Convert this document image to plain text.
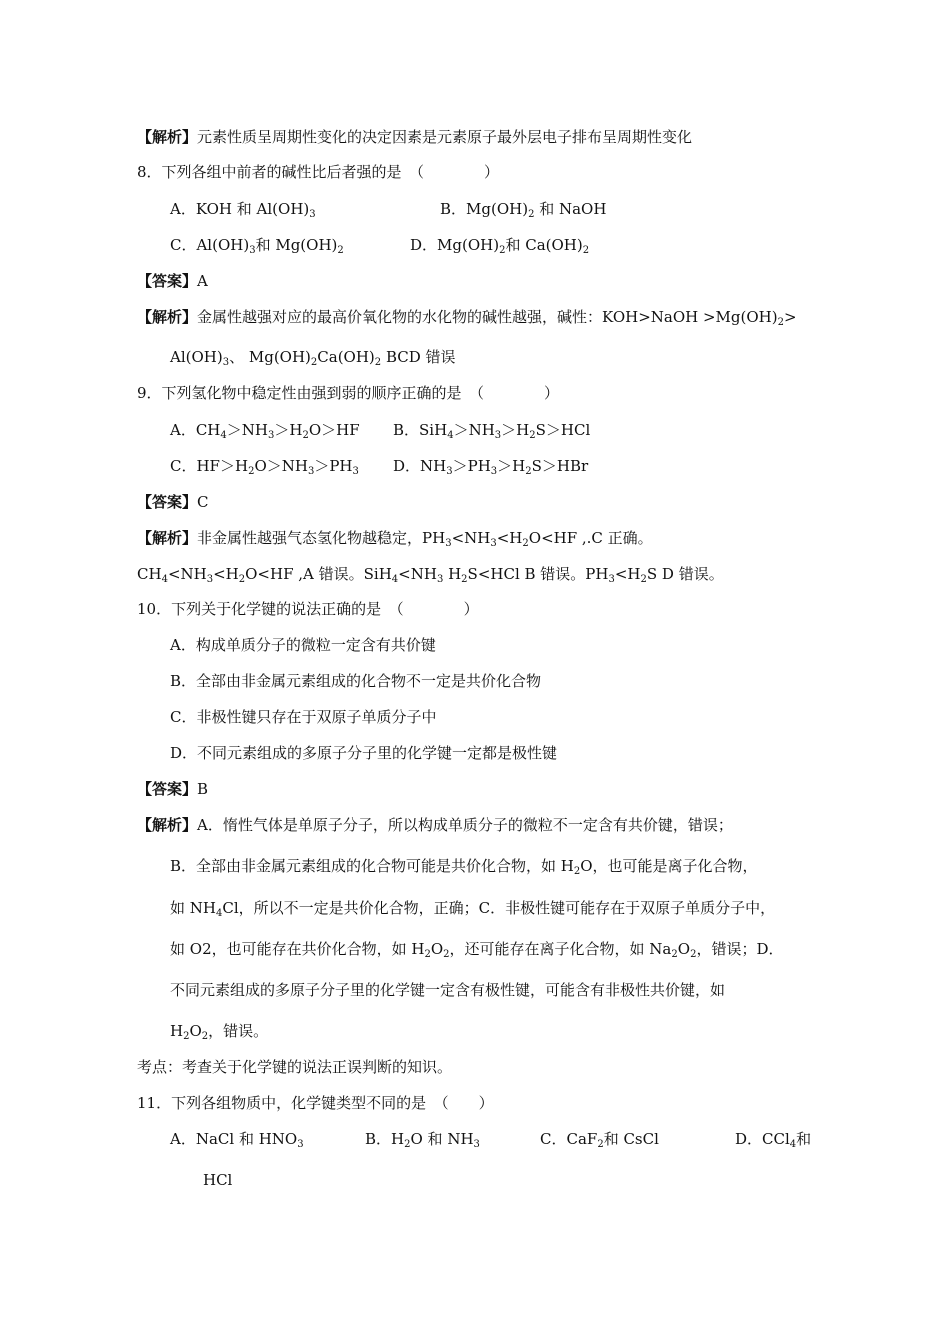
【解析】元素性质呈周期性变化的决定因素是元素原子最外层电子排布呈周期性变化
8．下列各组中前者的碱性比后者强的是　（　　　　）
A．KOH 和 $Al(OH)_3$	B．$Mg(OH)_2$ 和 NaOH
C．$Al(OH)_3$和 $Mg(OH)_2$	D．$Mg(OH)_2$和 $Ca(OH)_2$
【答案】A
【解析】金属性越强对应的最高价氧化物的水化物的碱性越强，碱性：KOH>NaOH $>Mg(OH)_2>$
$Al(OH)_3$、 $Mg(OH)_2Ca(OH)_2$ BCD 错误
9．下列氢化物中稳定性由强到弱的顺序正确的是　（　　　　）
A．$CH_4>NH_3>H_2O>HF$ B．$SiH_4>NH_3>H_2S>HCl$
C．$HF>H_2O>NH_3>PH_3$ D．$NH_3>PH_3>H_2S>HBr$
【答案】C
【解析】非金属性越强气态氢化物越稳定，$PH_3<NH_3<H_2O<HF$ ,.C 正确。
$CH_4<NH_3<H_2O<HF$ ,A 错误。$SiH_4<NH_3$ $H_2S<HCl$ B 错误。$PH_3<H_2S$ D 错误。
10．下列关于化学键的说法正确的是　（　　　　）
A．构成单质分子的微粒一定含有共价键
B．全部由非金属元素组成的化合物不一定是共价化合物
C．非极性键只存在于双原子单质分子中
D．不同元素组成的多原子分子里的化学键一定都是极性键
【答案】B
【解析】A．惰性气体是单原子分子，所以构成单质分子的微粒不一定含有共价键，错误；
B．全部由非金属元素组成的化合物可能是共价化合物，如 $H_2O$，也可能是离子化合物，
如 $NH_4Cl$，所以不一定是共价化合物，正确；C．非极性键可能存在于双原子单质分子中，
如 O2，也可能存在共价化合物，如 $H_2O_2$，还可能存在离子化合物，如 $Na_2O_2$，错误；D．
不同元素组成的多原子分子里的化学键一定含有极性键，可能含有非极性共价键，如
$H_2O_2$，错误。
考点：考查关于化学键的说法正误判断的知识。
11．下列各组物质中，化学键类型不同的是　（　　）
A．NaCl 和 $HNO_3$	B．$H_2O$ 和 $NH_3$	C．CaF$_2$和 CsCl	D．CCl$_4$和
HCl
